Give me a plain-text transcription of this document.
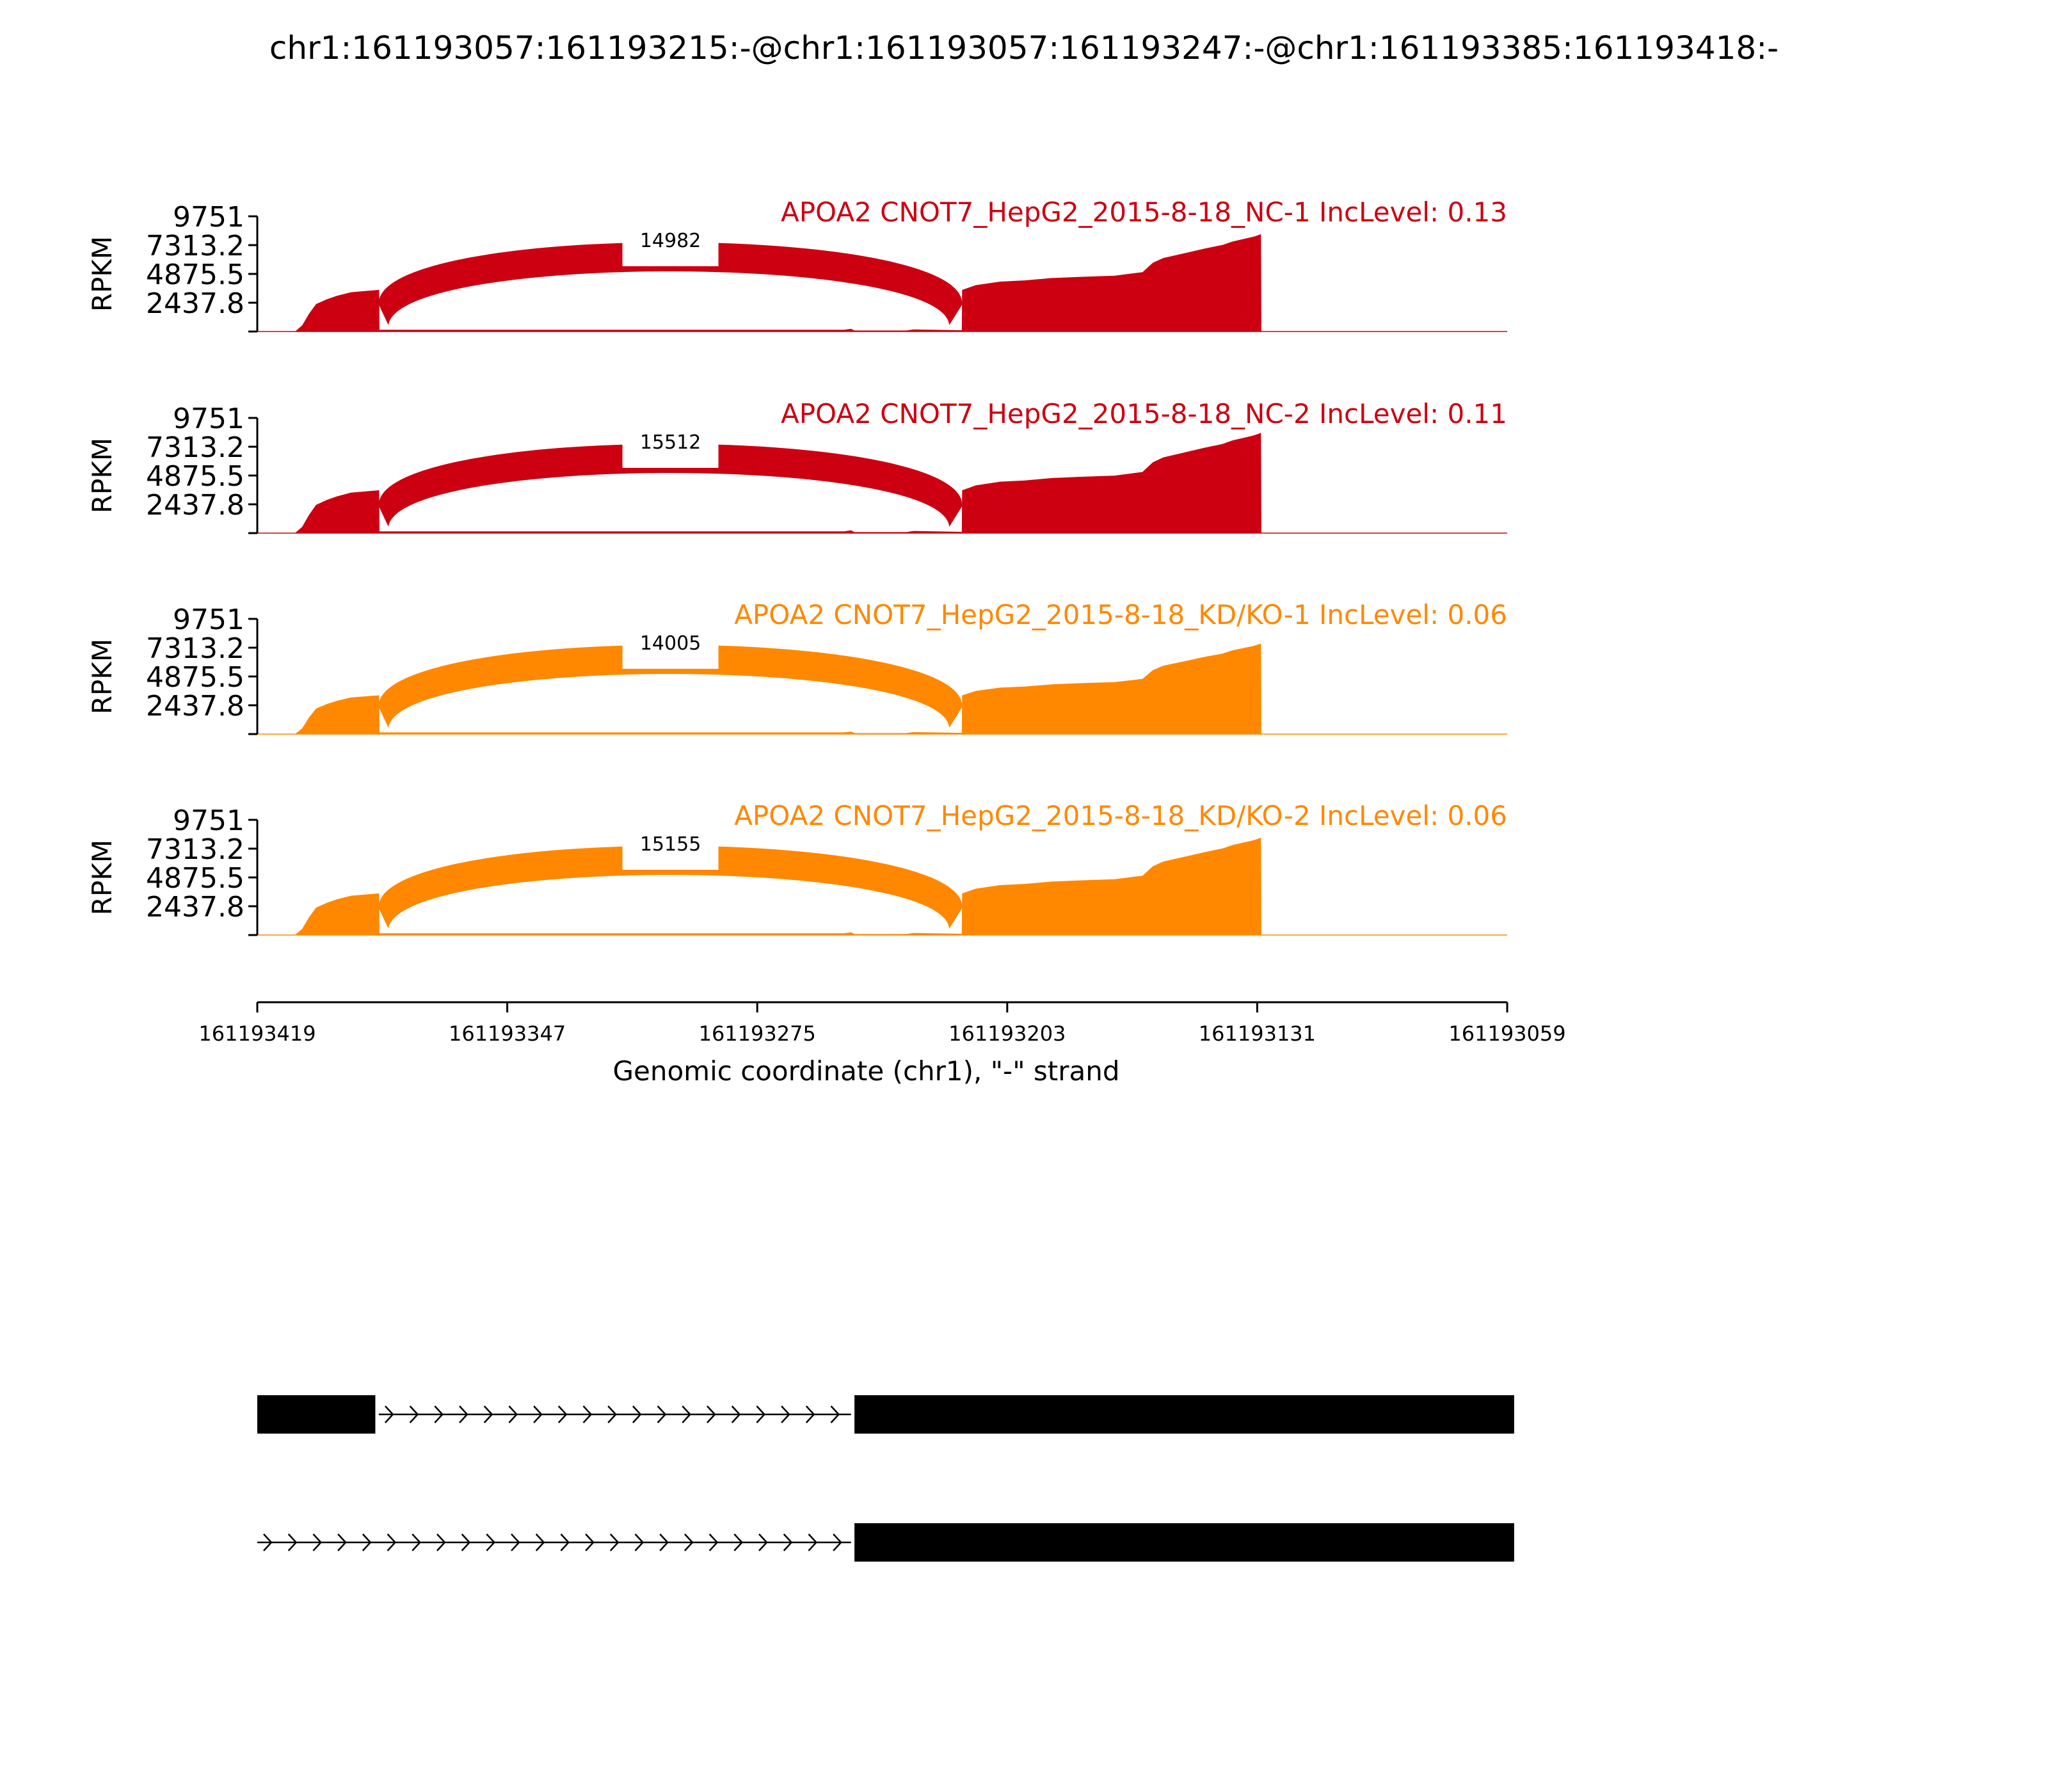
chr1:161193057:161193215:-@chr1:161193057:161193247:-@chr1:161193385:161193418:-
14982
2437.8
4875.5
7313.2
9751
RPKM
APOA2 CNOT7_HepG2_2015-8-18_NC-1 IncLevel: 0.13
15512
2437.8
4875.5
7313.2
9751
RPKM
APOA2 CNOT7_HepG2_2015-8-18_NC-2 IncLevel: 0.11
14005
2437.8
4875.5
7313.2
9751
RPKM
APOA2 CNOT7_HepG2_2015-8-18_KD/KO-1 IncLevel: 0.06
15155
2437.8
4875.5
7313.2
9751
RPKM
APOA2 CNOT7_HepG2_2015-8-18_KD/KO-2 IncLevel: 0.06
161193419	161193347	161193275	161193203	161193131	161193059
Genomic coordinate (chr1), "-" strand
